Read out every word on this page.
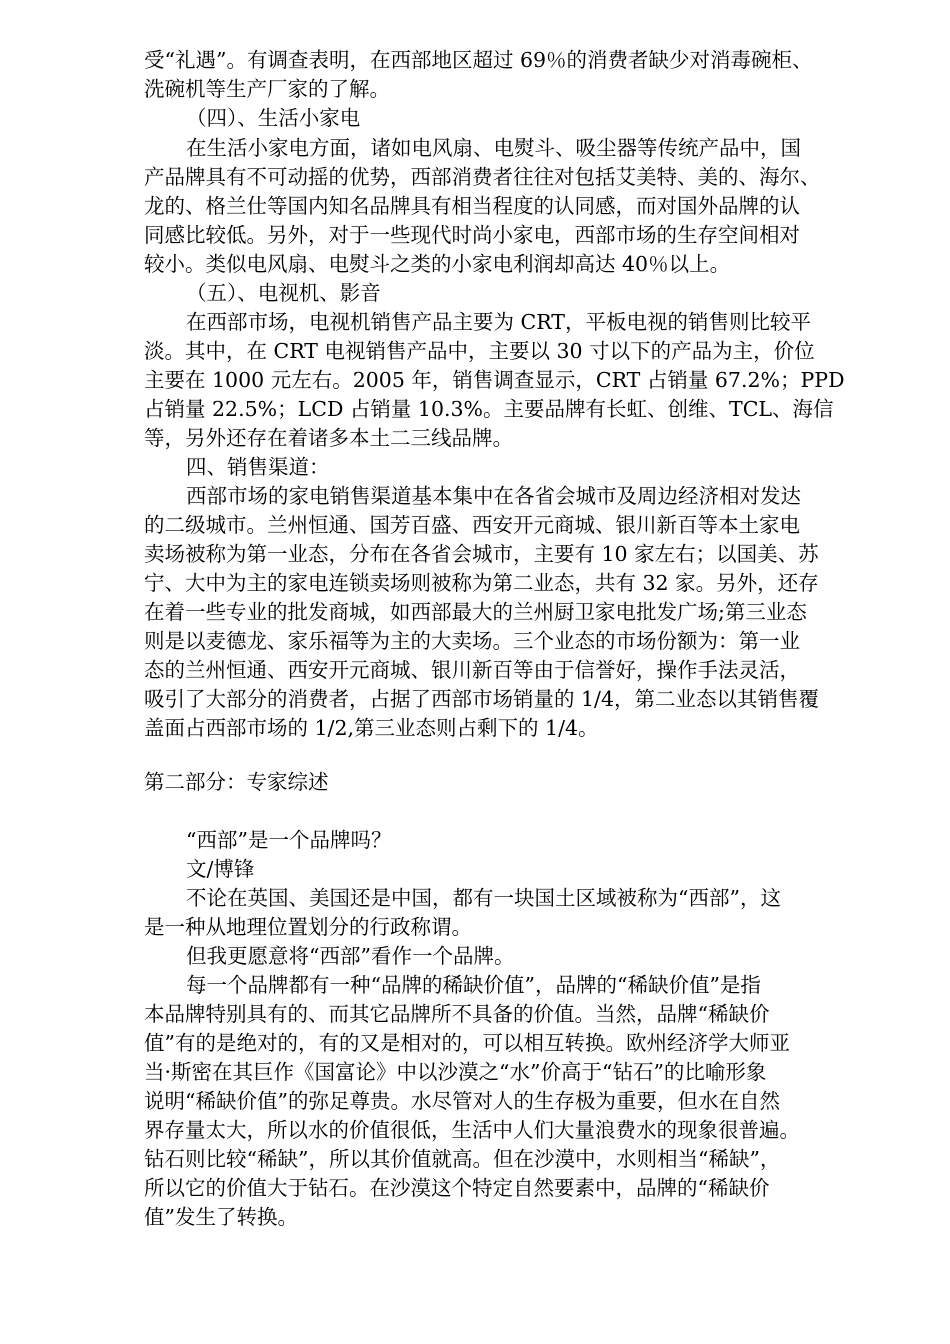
受“礼遇”。有调查表明，在西部地区超过 69％的消费者缺少对消毒碗柜、
洗碗机等生产厂家的了解。
（四）、生活小家电
在生活小家电方面，诸如电风扇、电熨斗、吸尘器等传统产品中，国
产品牌具有不可动摇的优势，西部消费者往往对包括艾美特、美的、海尔、
龙的、格兰仕等国内知名品牌具有相当程度的认同感，而对国外品牌的认
同感比较低。另外，对于一些现代时尚小家电，西部市场的生存空间相对
较小。类似电风扇、电熨斗之类的小家电利润却高达 40％以上。
（五）、电视机、影音
在西部市场，电视机销售产品主要为 CRT，平板电视的销售则比较平
淡。其中，在 CRT 电视销售产品中，主要以 30 寸以下的产品为主，价位
主要在 1000 元左右。2005 年，销售调查显示，CRT 占销量 67.2%；PPD
占销量 22.5%；LCD 占销量 10.3%。主要品牌有长虹、创维、TCL、海信
等，另外还存在着诸多本土二三线品牌。
四、销售渠道：
西部市场的家电销售渠道基本集中在各省会城市及周边经济相对发达
的二级城市。兰州恒通、国芳百盛、西安开元商城、银川新百等本土家电
卖场被称为第一业态，分布在各省会城市，主要有 10 家左右；以国美、苏
宁、大中为主的家电连锁卖场则被称为第二业态，共有 32 家。另外，还存
在着一些专业的批发商城，如西部最大的兰州厨卫家电批发广场;第三业态
则是以麦德龙、家乐福等为主的大卖场。三个业态的市场份额为：第一业
态的兰州恒通、西安开元商城、银川新百等由于信誉好，操作手法灵活，
吸引了大部分的消费者，占据了西部市场销量的 1/4，第二业态以其销售覆
盖面占西部市场的 1/2,第三业态则占剩下的 1/4。
第二部分：专家综述
“西部”是一个品牌吗？
文/博锋
不论在英国、美国还是中国，都有一块国土区域被称为“西部”，这
是一种从地理位置划分的行政称谓。
但我更愿意将“西部”看作一个品牌。
每一个品牌都有一种“品牌的稀缺价值”，品牌的“稀缺价值”是指
本品牌特别具有的、而其它品牌所不具备的价值。当然，品牌“稀缺价
值”有的是绝对的，有的又是相对的，可以相互转换。欧州经济学大师亚
当·斯密在其巨作《国富论》中以沙漠之“水”价高于“钻石”的比喻形象
说明“稀缺价值”的弥足尊贵。水尽管对人的生存极为重要，但水在自然
界存量太大，所以水的价值很低，生活中人们大量浪费水的现象很普遍。
钻石则比较“稀缺”，所以其价值就高。但在沙漠中，水则相当“稀缺”，
所以它的价值大于钻石。在沙漠这个特定自然要素中，品牌的“稀缺价
值”发生了转换。
